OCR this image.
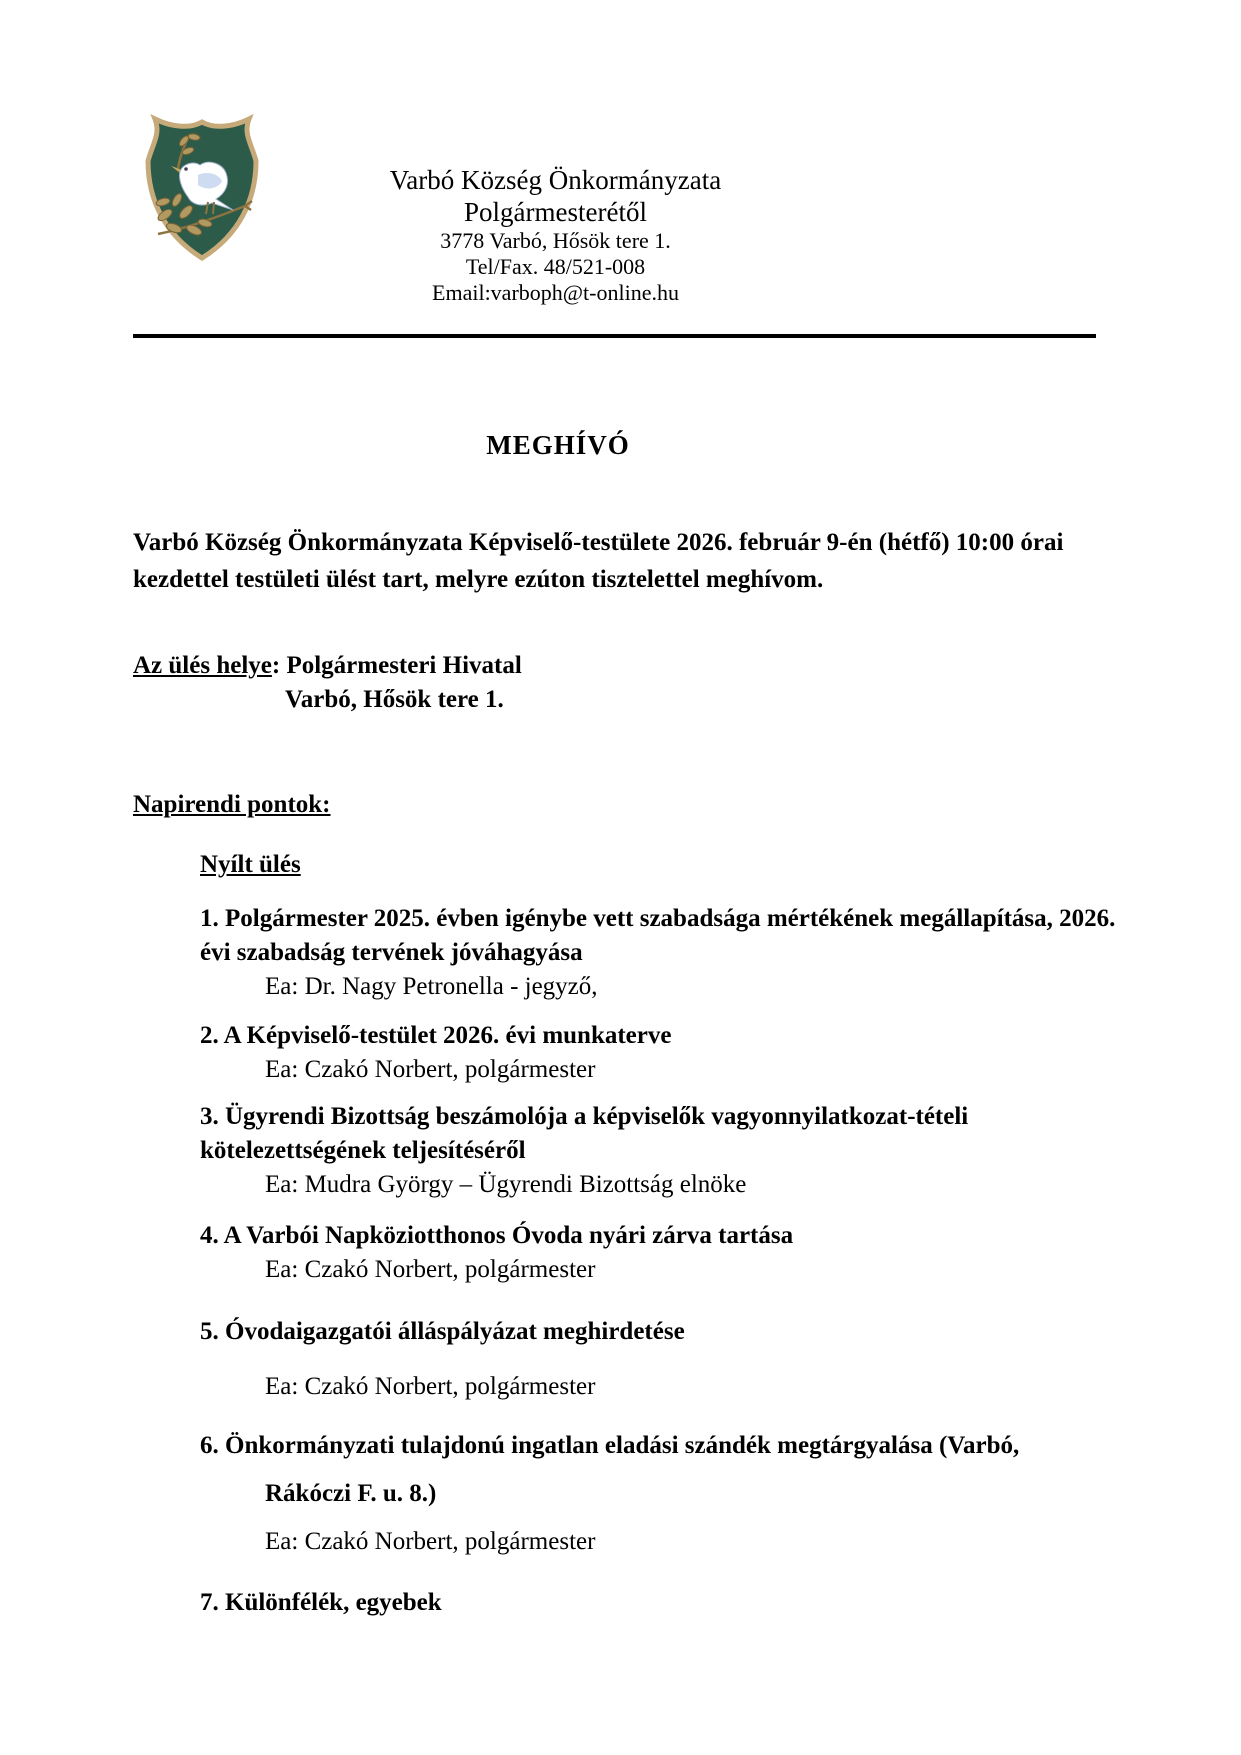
Varbó Község Önkormányzata
Polgármesterétől
3778 Varbó, Hősök tere 1.
Tel/Fax. 48/521-008
Email:varboph@t-online.hu
MEGHÍVÓ

Varbó Község Önkormányzata Képviselő-testülete 2026. február 9-én (hétfő) 10:00 órai kezdettel testületi ülést tart, melyre ezúton tisztelettel meghívom.

Az ülés helye: Polgármesteri Hivatal
Varbó, Hősök tere 1.
Napirendi pontok:
Nyílt ülés
1. Polgármester 2025. évben igénybe vett szabadsága mértékének megállapítása, 2026. évi szabadság tervének jóváhagyása
Ea: Dr. Nagy Petronella - jegyző,
2. A Képviselő-testület 2026. évi munkaterve
Ea: Czakó Norbert, polgármester
3. Ügyrendi Bizottság beszámolója a képviselők vagyonnyilatkozat-tételi kötelezettségének teljesítéséről
Ea: Mudra György – Ügyrendi Bizottság elnöke
4. A Varbói Napköziotthonos Óvoda nyári zárva tartása
Ea: Czakó Norbert, polgármester
5. Óvodaigazgatói álláspályázat meghirdetése
Ea: Czakó Norbert, polgármester
6. Önkormányzati tulajdonú ingatlan eladási szándék megtárgyalása (Varbó,
Rákóczi F. u. 8.)
Ea: Czakó Norbert, polgármester
7. Különfélék, egyebek
